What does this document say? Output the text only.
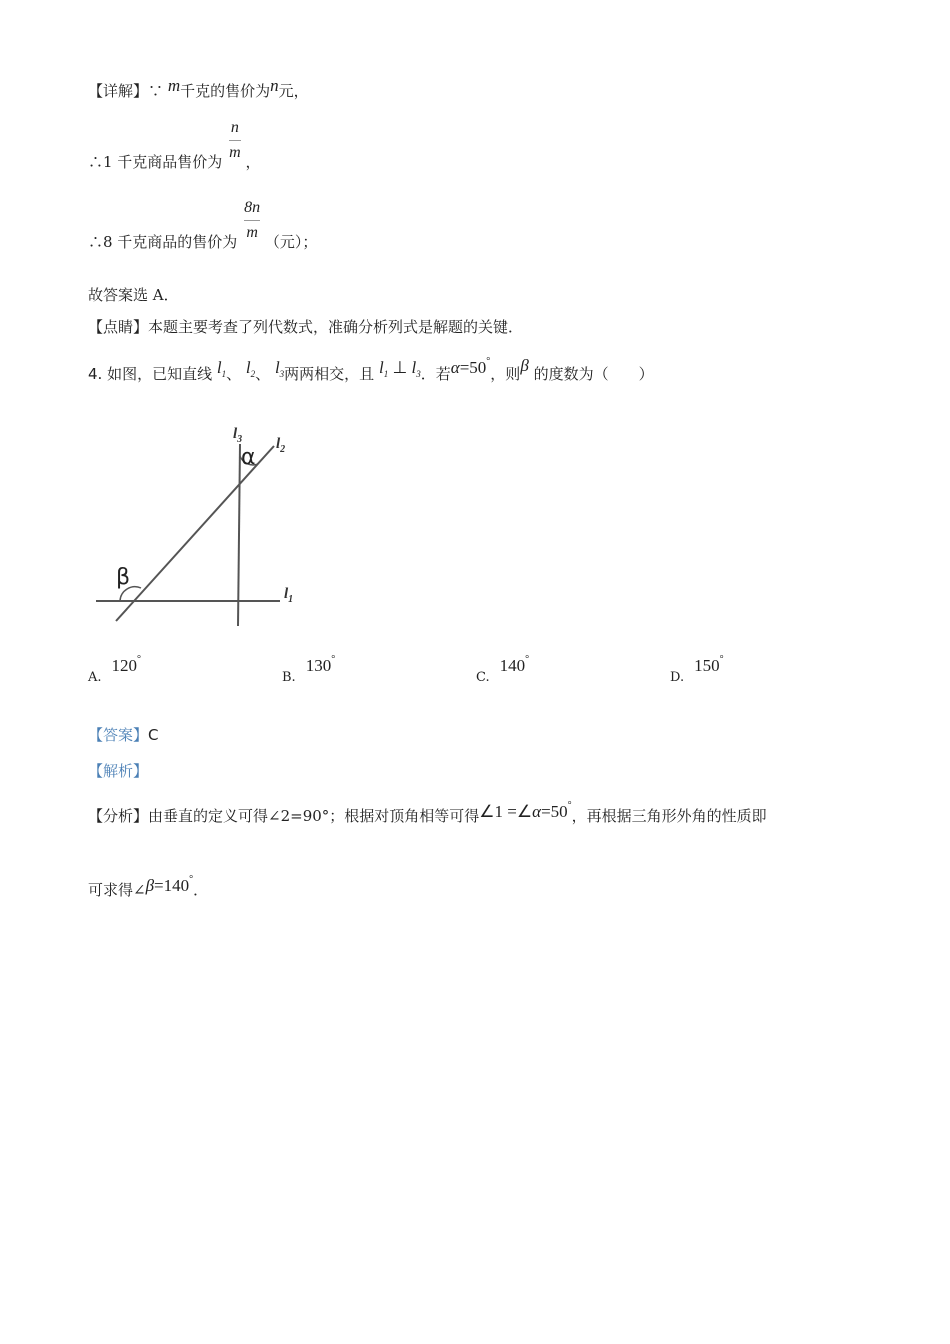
【详解】∵ m千克的售价为n元，
∴1 千克商品售价为 $\frac{n}{m}$ ，
∴8 千克商品的售价为 $\frac{8n}{m}$ （元）；
故答案选 A．
【点睛】本题主要考查了列代数式，准确分析列式是解题的关键．
4. 如图，已知直线 $l_1$、 $l_2$、 $l_3$两两相交，且 $l_1$ ⊥ $l_3$．若α=50°，则β 的度数为（　　）
$l_3$ $l_2$
$l_1$
α
β
A.120°
B.130°
C.140°
D.150°
【答案】C
【解析】
【分析】由垂直的定义可得∠2=90°；根据对顶角相等可得∠1 =∠α=50°，再根据三角形外角的性质即
可求得∠β=140°．
